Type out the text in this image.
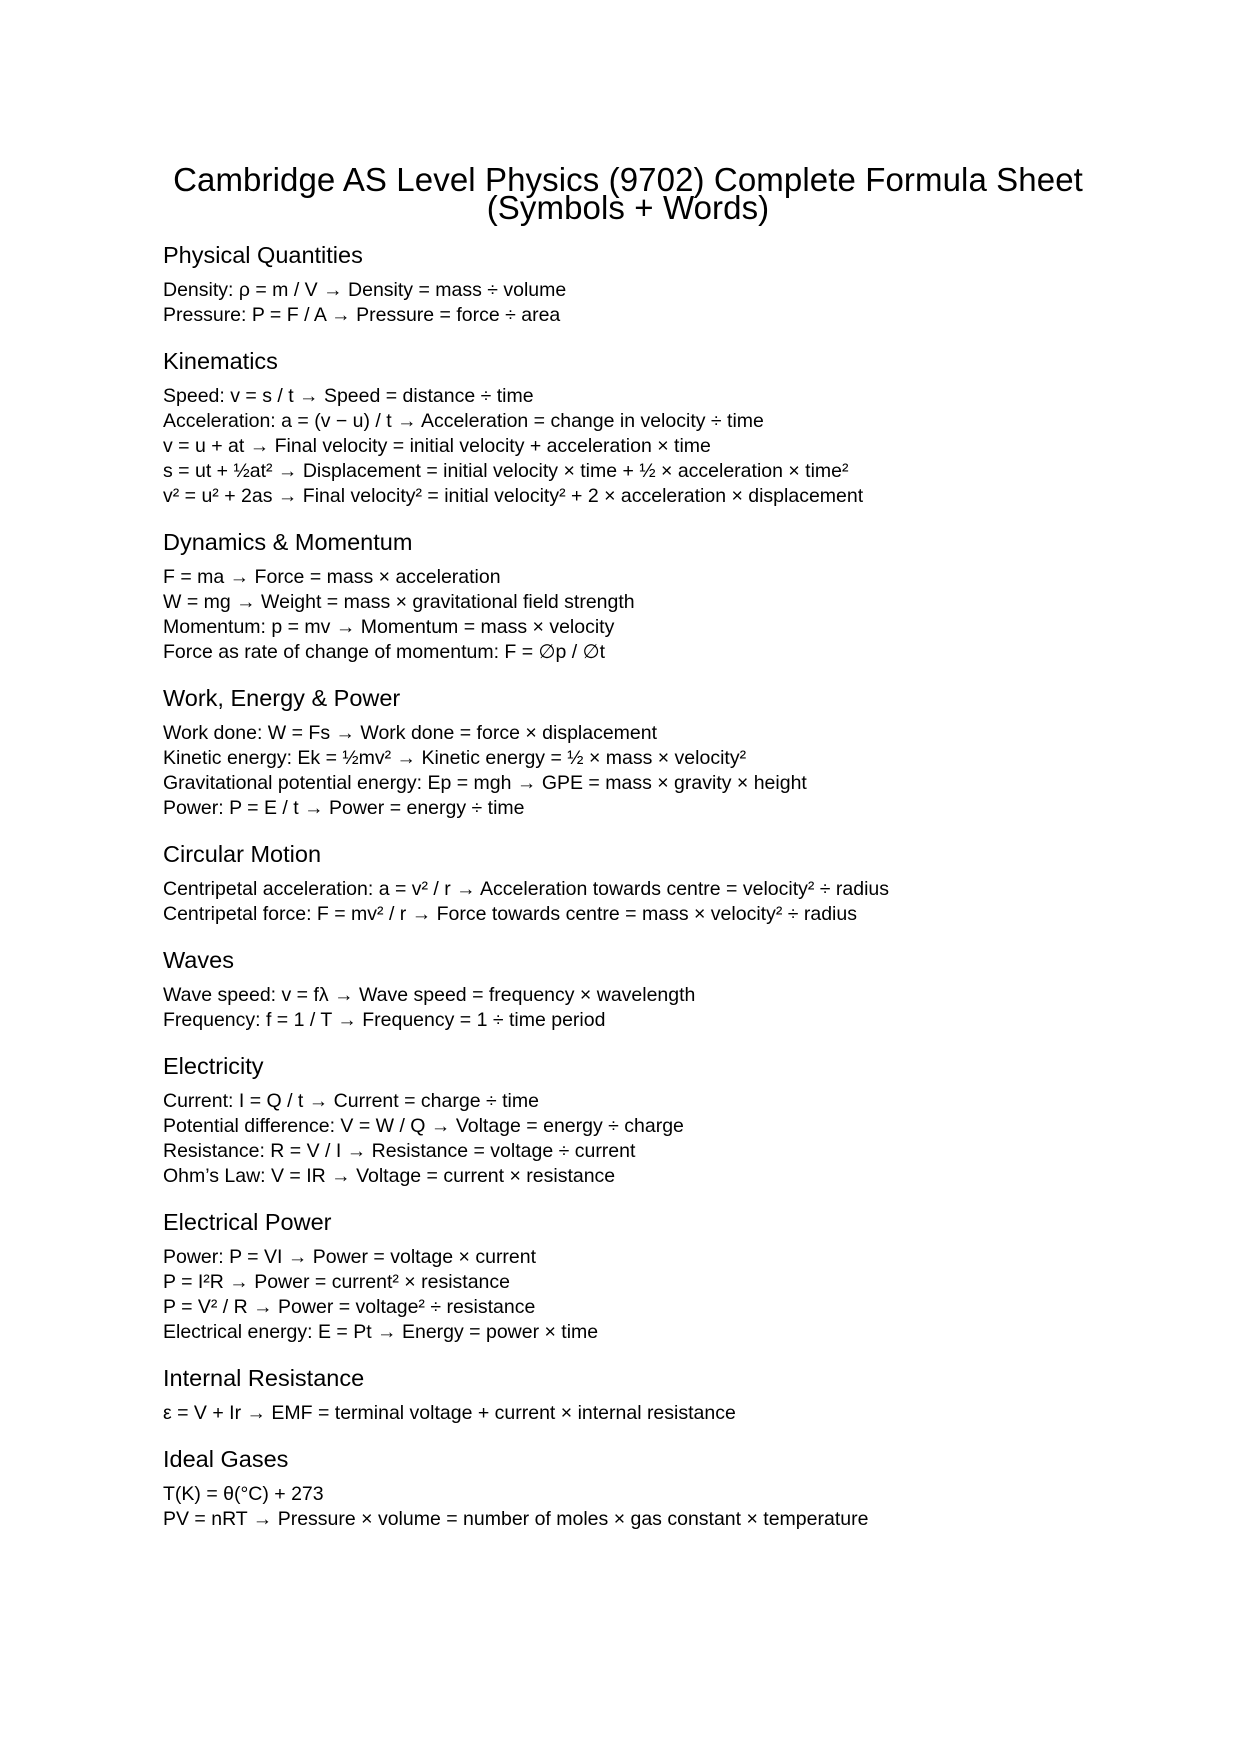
Cambridge AS Level Physics (9702) Complete Formula Sheet
(Symbols + Words)
Physical Quantities
Density: ρ = m / V → Density = mass ÷ volume
Pressure: P = F / A → Pressure = force ÷ area
Kinematics
Speed: v = s / t → Speed = distance ÷ time
Acceleration: a = (v − u) / t → Acceleration = change in velocity ÷ time
v = u + at → Final velocity = initial velocity + acceleration × time
s = ut + ½at² → Displacement = initial velocity × time + ½ × acceleration × time²
v² = u² + 2as → Final velocity² = initial velocity² + 2 × acceleration × displacement
Dynamics & Momentum
F = ma → Force = mass × acceleration
W = mg → Weight = mass × gravitational field strength
Momentum: p = mv → Momentum = mass × velocity
Force as rate of change of momentum: F = ∅p / ∅t
Work, Energy & Power
Work done: W = Fs → Work done = force × displacement
Kinetic energy: Ek = ½mv² → Kinetic energy = ½ × mass × velocity²
Gravitational potential energy: Ep = mgh → GPE = mass × gravity × height
Power: P = E / t → Power = energy ÷ time
Circular Motion
Centripetal acceleration: a = v² / r → Acceleration towards centre = velocity² ÷ radius
Centripetal force: F = mv² / r → Force towards centre = mass × velocity² ÷ radius
Waves
Wave speed: v = fλ → Wave speed = frequency × wavelength
Frequency: f = 1 / T → Frequency = 1 ÷ time period
Electricity
Current: I = Q / t → Current = charge ÷ time
Potential difference: V = W / Q → Voltage = energy ÷ charge
Resistance: R = V / I → Resistance = voltage ÷ current
Ohm’s Law: V = IR → Voltage = current × resistance
Electrical Power
Power: P = VI → Power = voltage × current
P = I²R → Power = current² × resistance
P = V² / R → Power = voltage² ÷ resistance
Electrical energy: E = Pt → Energy = power × time
Internal Resistance
ε = V + Ir → EMF = terminal voltage + current × internal resistance
Ideal Gases
T(K) = θ(°C) + 273
PV = nRT → Pressure × volume = number of moles × gas constant × temperature
